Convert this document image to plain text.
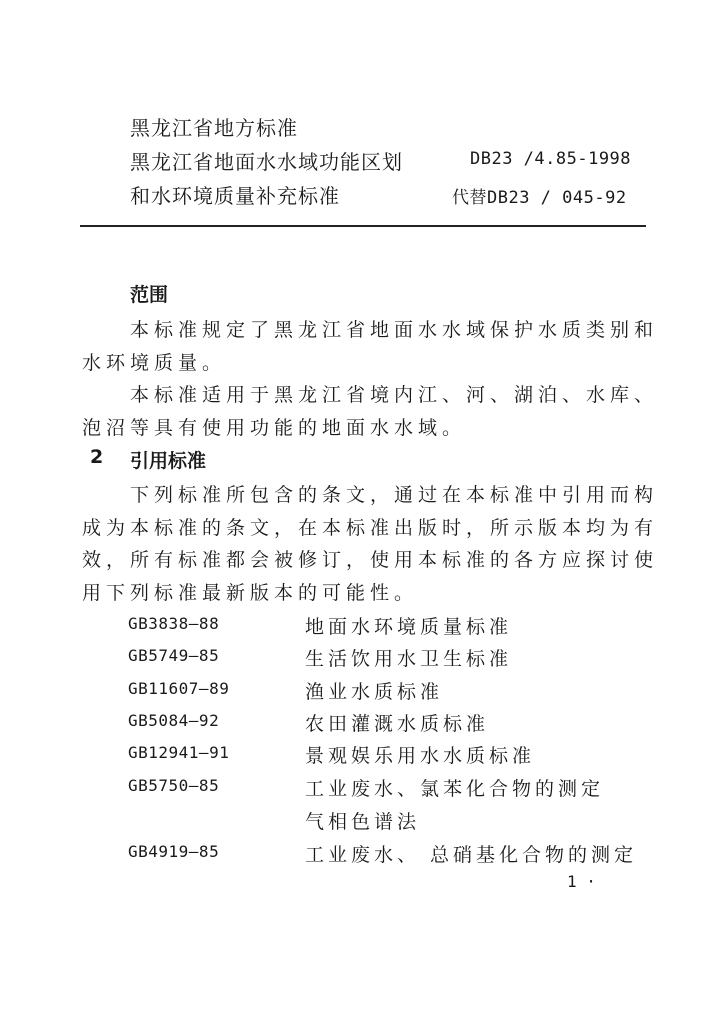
黑龙江省地方标准
黑龙江省地面水水域功能区划
和水环境质量补充标准
DB23 /4.85-1998
代替DB23 / 045-92
范围
本标准规定了黑龙江省地面水水域保护水质类别和
水环境质量。
本标准适用于黑龙江省境内江、河、湖泊、水库、
泡沼等具有使用功能的地面水水域。
2 引用标准
下列标准所包含的条文，通过在本标准中引用而构
成为本标准的条文，在本标准出版时，所示版本均为有
效，所有标准都会被修订，使用本标准的各方应探讨使
用下列标准最新版本的可能性。
GB3838—88	地面水环境质量标准
GB5749—85	生活饮用水卫生标准
GB11607—89	渔业水质标准
GB5084—92	农田灌溉水质标准
GB12941—91	景观娱乐用水水质标准
GB5750—85	工业废水、氯苯化合物的测定
气相色谱法
GB4919—85	工业废水、 总硝基化合物的测定
1 ·
